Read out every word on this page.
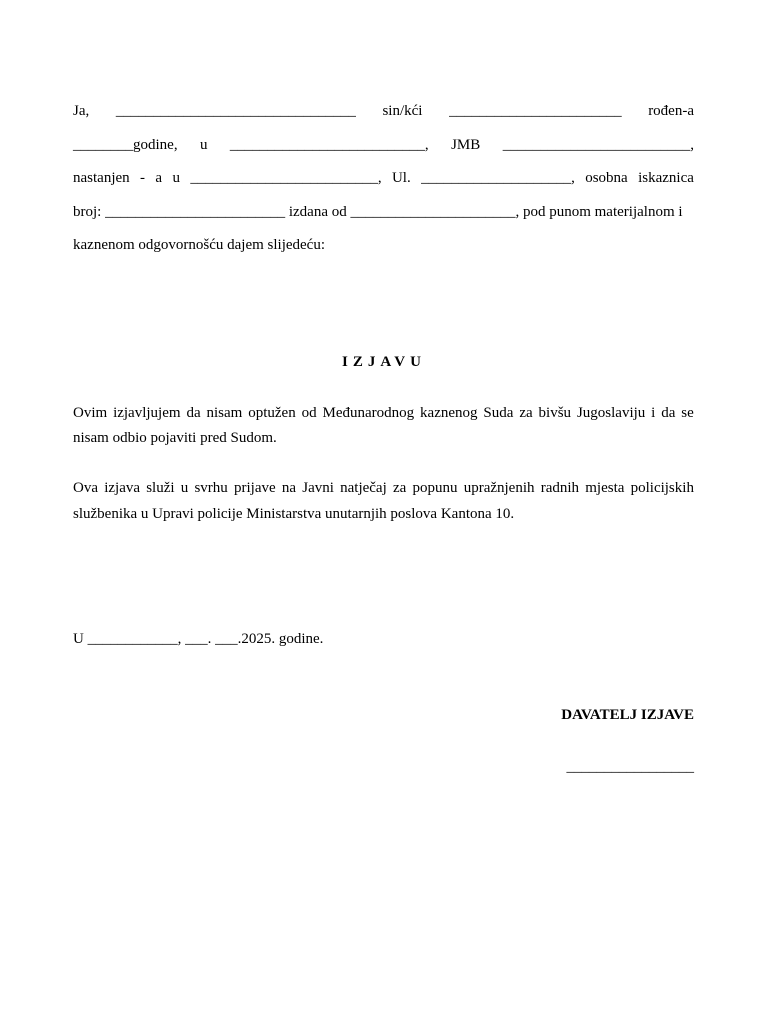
Ja, ________________________________ sin/kći _______________________ rođen-a
________godine, u __________________________, JMB _________________________,
nastanjen - a u _________________________, Ul. ____________________, osobna iskaznica
broj: ________________________ izdana od ______________________, pod punom materijalnom i
kaznenom odgovornošću dajem slijedeću:
IZJAVU
Ovim izjavljujem da nisam optužen od Međunarodnog kaznenog Suda za bivšu Jugoslaviju i da se
nisam odbio pojaviti pred Sudom.
Ova izjava služi u svrhu prijave na Javni natječaj za popunu upražnjenih radnih mjesta policijskih
službenika u Upravi policije Ministarstva unutarnjih poslova Kantona 10.
U ____________, ___. ___.2025. godine.
DAVATELJ IZJAVE
_________________
